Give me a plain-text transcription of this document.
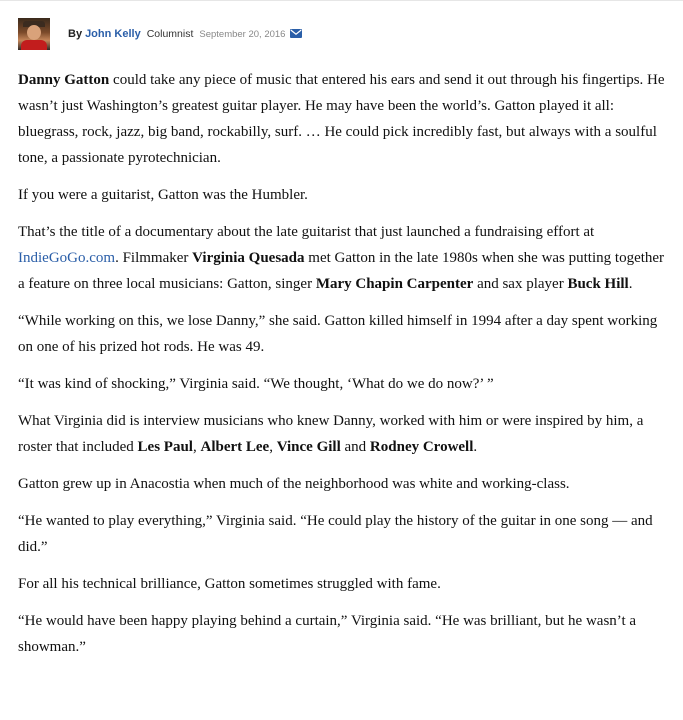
By John Kelly Columnist September 20, 2016

Danny Gatton could take any piece of music that entered his ears and send it out through his fingertips. He wasn’t just Washington’s greatest guitar player. He may have been the world’s. Gatton played it all: bluegrass, rock, jazz, big band, rockabilly, surf. … He could pick incredibly fast, but always with a soulful tone, a passionate pyrotechnician.

If you were a guitarist, Gatton was the Humbler.

That’s the title of a documentary about the late guitarist that just launched a fundraising effort at IndieGoGo.com. Filmmaker Virginia Quesada met Gatton in the late 1980s when she was putting together a feature on three local musicians: Gatton, singer Mary Chapin Carpenter and sax player Buck Hill.

“While working on this, we lose Danny,” she said. Gatton killed himself in 1994 after a day spent working on one of his prized hot rods. He was 49.

“It was kind of shocking,” Virginia said. “We thought, ‘What do we do now?’ ”

What Virginia did is interview musicians who knew Danny, worked with him or were inspired by him, a roster that included Les Paul, Albert Lee, Vince Gill and Rodney Crowell.

Gatton grew up in Anacostia when much of the neighborhood was white and working-class.

“He wanted to play everything,” Virginia said. “He could play the history of the guitar in one song — and did.”

For all his technical brilliance, Gatton sometimes struggled with fame.

“He would have been happy playing behind a curtain,” Virginia said. “He was brilliant, but he wasn’t a showman.”
